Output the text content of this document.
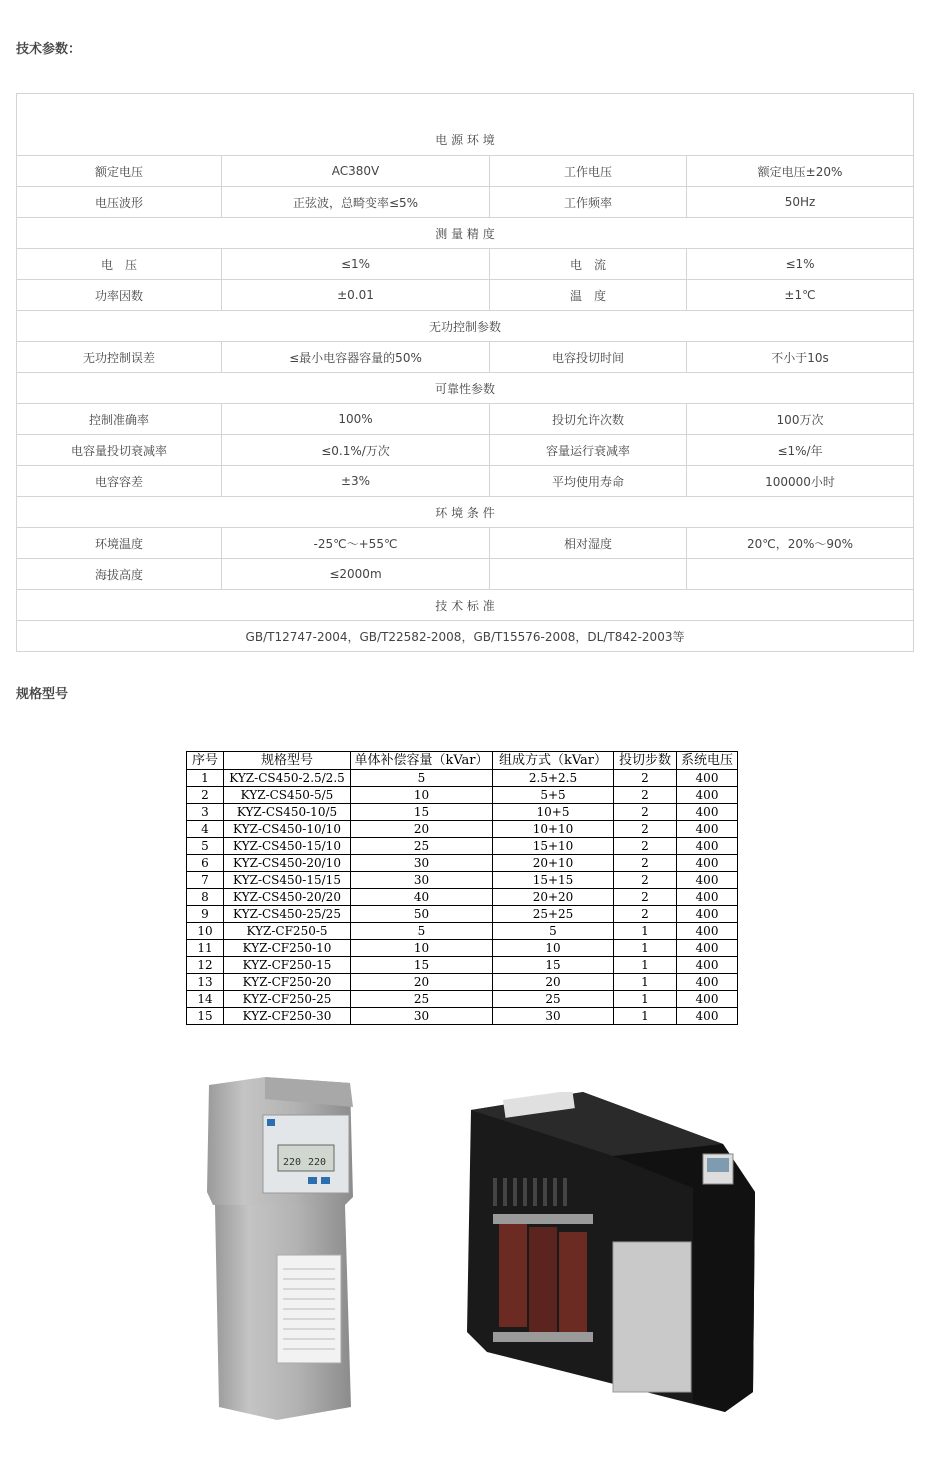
技术参数：
电 源 环 境			
额定电压	AC380V	工作电压	额定电压±20%
电压波形	正弦波，总畸变率≤5%	工作频率	50Hz
测 量 精 度			
电　压	≤1%	电　流	≤1%
功率因数	±0.01	温　度	±1℃
无功控制参数			
无功控制误差	≤最小电容器容量的50%	电容投切时间	不小于10s
可靠性参数			
控制准确率	100%	投切允许次数	100万次
电容量投切衰减率	≤0.1%/万次	容量运行衰减率	≤1%/年
电容容差	±3%	平均使用寿命	100000小时
环 境 条 件			
环境温度	-25℃～+55℃	相对湿度	20℃，20%～90%
海拔高度	≤2000m		
技 术 标 准			
GB/T12747-2004，GB/T22582-2008，GB/T15576-2008，DL/T842-2003等			
规格型号
序号	规格型号	单体补偿容量（kVar）	组成方式（kVar）	投切步数	系统电压
1	KYZ-CS450-2.5/2.5	5	2.5+2.5	2	400
2	KYZ-CS450-5/5	10	5+5	2	400
3	KYZ-CS450-10/5	15	10+5	2	400
4	KYZ-CS450-10/10	20	10+10	2	400
5	KYZ-CS450-15/10	25	15+10	2	400
6	KYZ-CS450-20/10	30	20+10	2	400
7	KYZ-CS450-15/15	30	15+15	2	400
8	KYZ-CS450-20/20	40	20+20	2	400
9	KYZ-CS450-25/25	50	25+25	2	400
10	KYZ-CF250-5	5	5	1	400
11	KYZ-CF250-10	10	10	1	400
12	KYZ-CF250-15	15	15	1	400
13	KYZ-CF250-20	20	20	1	400
14	KYZ-CF250-25	25	25	1	400
15	KYZ-CF250-30	30	30	1	400
220 220
